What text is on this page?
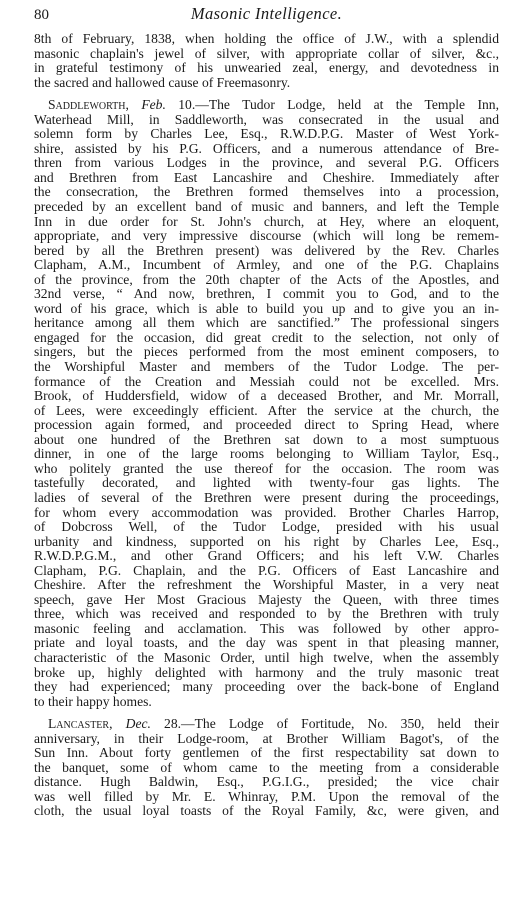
80	Masonic Intelligence.
8th of February, 1838, when holding the office of J.W., with a splendid
masonic chaplain's jewel of silver, with appropriate collar of silver, &c.,
in grateful testimony of his unwearied zeal, energy, and devotedness in
the sacred and hallowed cause of Freemasonry.
Saddleworth, Feb. 10.—The Tudor Lodge, held at the Temple Inn,
Waterhead Mill, in Saddleworth, was consecrated in the usual and
solemn form by Charles Lee, Esq., R.W.D.P.G. Master of West York-
shire, assisted by his P.G. Officers, and a numerous attendance of Bre-
thren from various Lodges in the province, and several P.G. Officers
and Brethren from East Lancashire and Cheshire. Immediately after
the consecration, the Brethren formed themselves into a procession,
preceded by an excellent band of music and banners, and left the Temple
Inn in due order for St. John's church, at Hey, where an eloquent,
appropriate, and very impressive discourse (which will long be remem-
bered by all the Brethren present) was delivered by the Rev. Charles
Clapham, A.M., Incumbent of Armley, and one of the P.G. Chaplains
of the province, from the 20th chapter of the Acts of the Apostles, and
32nd verse, “ And now, brethren, I commit you to God, and to the
word of his grace, which is able to build you up and to give you an in-
heritance among all them which are sanctified.” The professional singers
engaged for the occasion, did great credit to the selection, not only of
singers, but the pieces performed from the most eminent composers, to
the Worshipful Master and members of the Tudor Lodge. The per-
formance of the Creation and Messiah could not be excelled. Mrs.
Brook, of Huddersfield, widow of a deceased Brother, and Mr. Morrall,
of Lees, were exceedingly efficient. After the service at the church, the
procession again formed, and proceeded direct to Spring Head, where
about one hundred of the Brethren sat down to a most sumptuous
dinner, in one of the large rooms belonging to William Taylor, Esq.,
who politely granted the use thereof for the occasion. The room was
tastefully decorated, and lighted with twenty-four gas lights. The
ladies of several of the Brethren were present during the proceedings,
for whom every accommodation was provided. Brother Charles Harrop,
of Dobcross Well, of the Tudor Lodge, presided with his usual
urbanity and kindness, supported on his right by Charles Lee, Esq.,
R.W.D.P.G.M., and other Grand Officers; and his left V.W. Charles
Clapham, P.G. Chaplain, and the P.G. Officers of East Lancashire and
Cheshire. After the refreshment the Worshipful Master, in a very neat
speech, gave Her Most Gracious Majesty the Queen, with three times
three, which was received and responded to by the Brethren with truly
masonic feeling and acclamation. This was followed by other appro-
priate and loyal toasts, and the day was spent in that pleasing manner,
characteristic of the Masonic Order, until high twelve, when the assembly
broke up, highly delighted with harmony and the truly masonic treat
they had experienced; many proceeding over the back-bone of England
to their happy homes.
Lancaster, Dec. 28.—The Lodge of Fortitude, No. 350, held their
anniversary, in their Lodge-room, at Brother William Bagot's, of the
Sun Inn. About forty gentlemen of the first respectability sat down to
the banquet, some of whom came to the meeting from a considerable
distance. Hugh Baldwin, Esq., P.G.I.G., presided; the vice chair
was well filled by Mr. E. Whinray, P.M. Upon the removal of the
cloth, the usual loyal toasts of the Royal Family, &c, were given, and
